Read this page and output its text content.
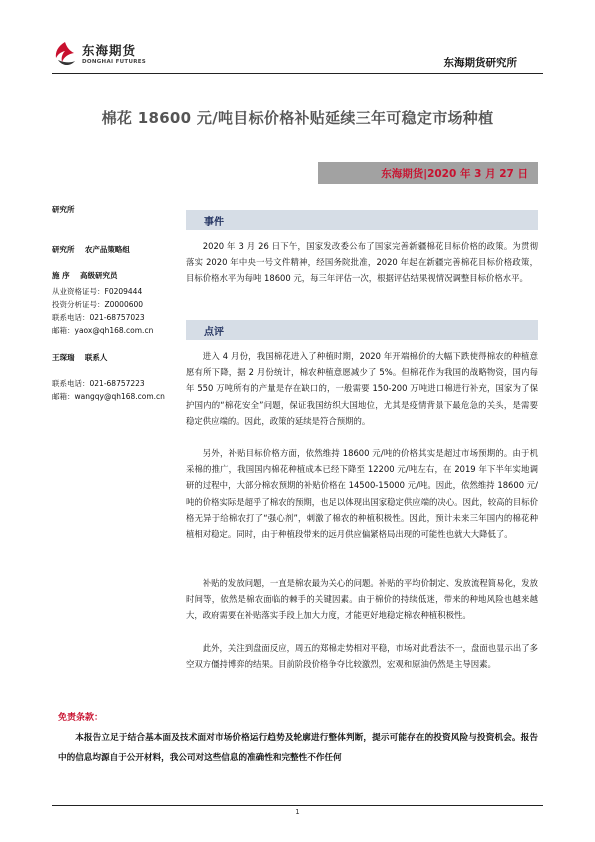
东海期货
DONGHAI FUTURES	东海期货研究所
棉花 18600 元/吨目标价格补贴延续三年可稳定市场种植
东海期货|2020 年 3 月 27 日
研究所
研究所 农产品策略组
施 序 高级研究员
从业资格证号：F0209444
投资分析证号：Z0000600
联系电话：021-68757023
邮箱：yaox@qh168.com.cn
王琛瑞 联系人
联系电话：021-68757223
邮箱：wangqy@qh168.com.cn
事件
2020 年 3 月 26 日下午，国家发改委公布了国家完善新疆棉花目标价格的政策。为贯彻落实 2020 年中央一号文件精神，经国务院批准，2020 年起在新疆完善棉花目标价格政策，目标价格水平为每吨 18600 元，每三年评估一次，根据评估结果视情况调整目标价格水平。
点评
进入 4 月份，我国棉花进入了种植时期，2020 年开端棉价的大幅下跌使得棉农的种植意愿有所下降，据 2 月份统计，棉农种植意愿减少了 5%。但棉花作为我国的战略物资，国内每年 550 万吨所有的产量是存在缺口的，一般需要 150-200 万吨进口棉进行补充，国家为了保护国内的“棉花安全”问题，保证我国纺织大国地位，尤其是疫情背景下最危急的关头，是需要稳定供应端的。因此，政策的延续是符合预期的。
另外，补贴目标价格方面，依然维持 18600 元/吨的价格其实是超过市场预期的。由于机采棉的推广，我国国内棉花种植成本已经下降至 12200 元/吨左右，在 2019 年下半年实地调研的过程中，大部分棉农预期的补贴价格在 14500-15000 元/吨。因此，依然维持 18600 元/吨的价格实际是超乎了棉农的预期，也足以体现出国家稳定供应端的决心。因此，较高的目标价格无异于给棉农打了“强心剂”，刺激了棉农的种植积极性。因此，预计未来三年国内的棉花种植相对稳定。同时，由于种植段带来的远月供应偏紧格局出现的可能性也就大大降低了。
补贴的发放问题，一直是棉农最为关心的问题。补贴的平均价制定、发放流程简易化，发放时间等，依然是棉农面临的棘手的关键因素。由于棉价的持续低迷，带来的种地风险也越来越大，政府需要在补贴落实手段上加大力度，才能更好地稳定棉农种植积极性。
此外，关注到盘面反应，周五的郑棉走势相对平稳，市场对此看法不一，盘面也显示出了多空双方僵持博弈的结果。目前阶段价格争夺比较激烈，宏观和原油仍然是主导因素。
免责条款：
本报告立足于结合基本面及技术面对市场价格运行趋势及轮廓进行整体判断，提示可能存在的投资风险与投资机会。报告中的信息均源自于公开材料，我公司对这些信息的准确性和完整性不作任何
1
